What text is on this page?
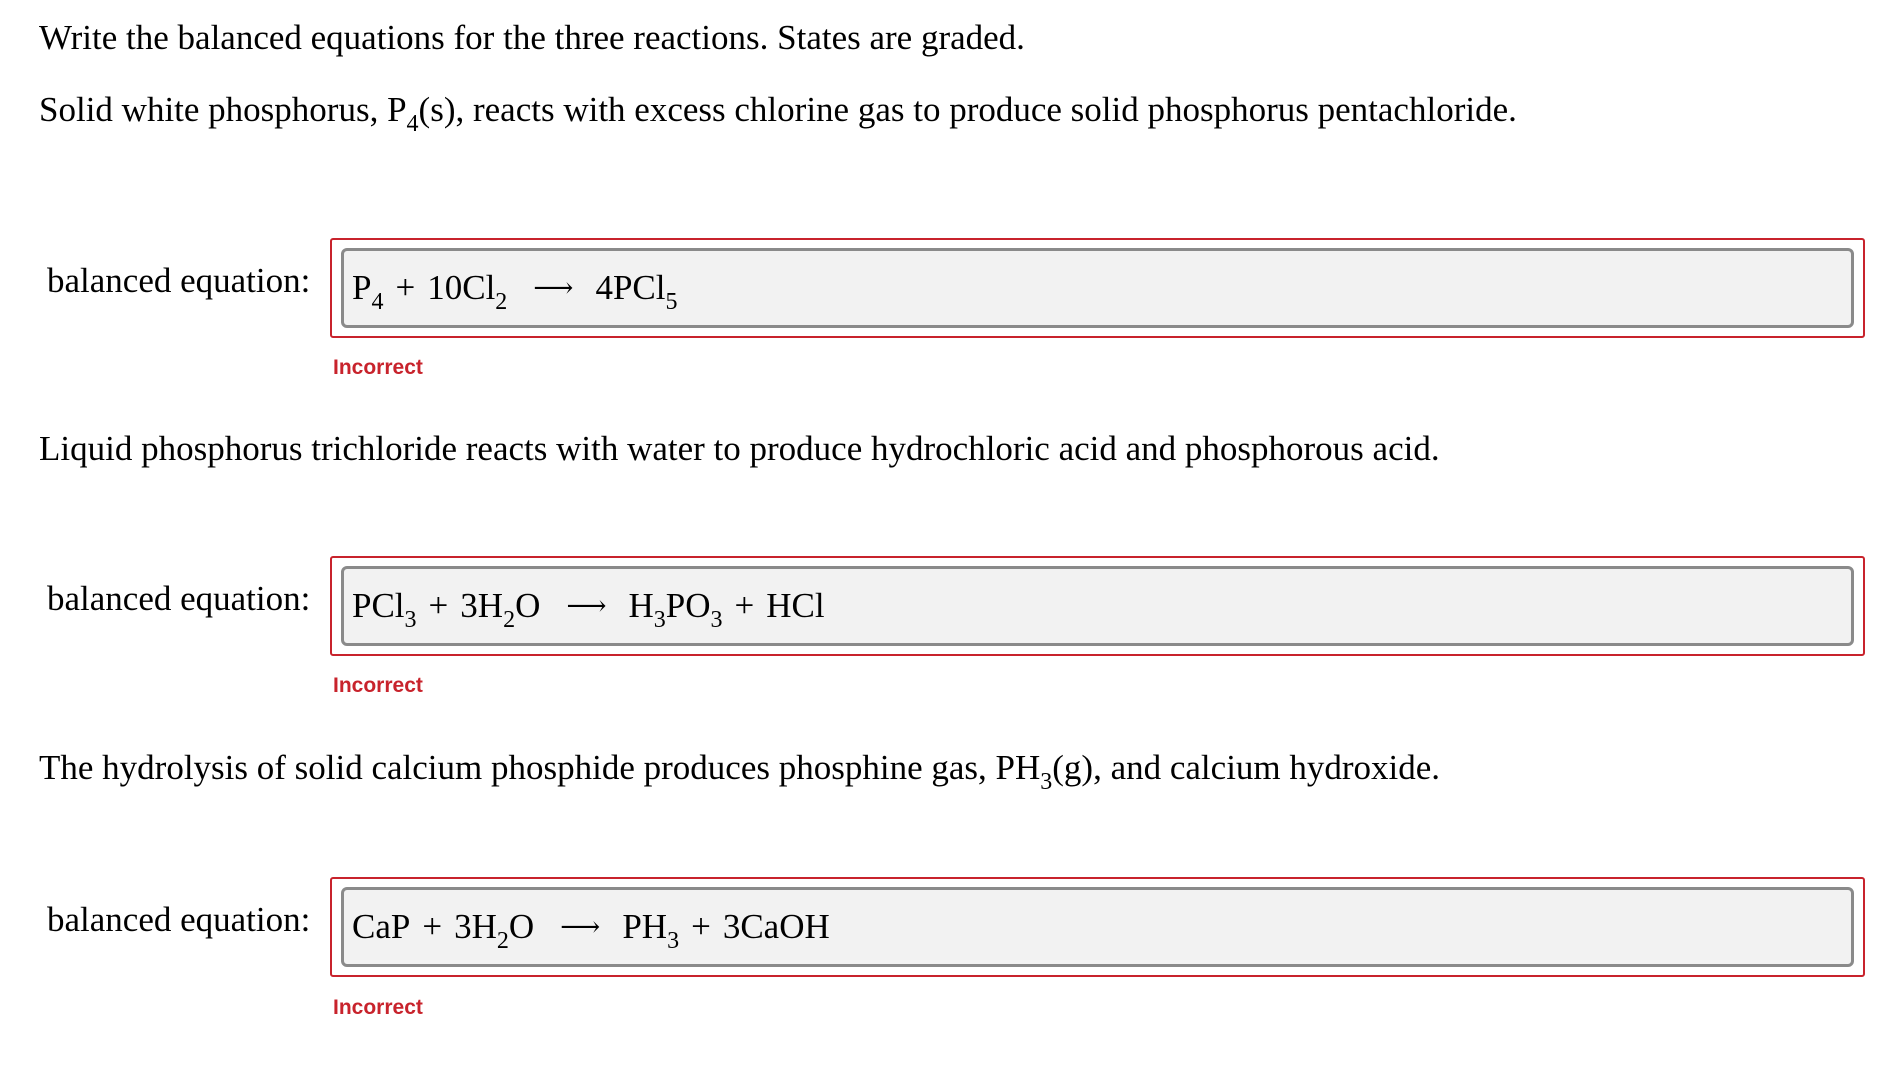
Write the balanced equations for the three reactions. States are graded.
Solid white phosphorus, $P_4(s)$, reacts with excess chlorine gas to produce solid phosphorus pentachloride.
balanced equation:	$P_4 + 10Cl_2$ ⟶ 4PCl$_5$
Incorrect
Liquid phosphorus trichloride reacts with water to produce hydrochloric acid and phosphorous acid.
balanced equation:	$PCl_3 + 3H_2O$ ⟶ $H_3PO_3$ + HCl
Incorrect
The hydrolysis of solid calcium phosphide produces phosphine gas, $PH_3(g)$, and calcium hydroxide.
balanced equation:	CaP + $3H_2O$ ⟶ $PH_3$ + 3CaOH
Incorrect
